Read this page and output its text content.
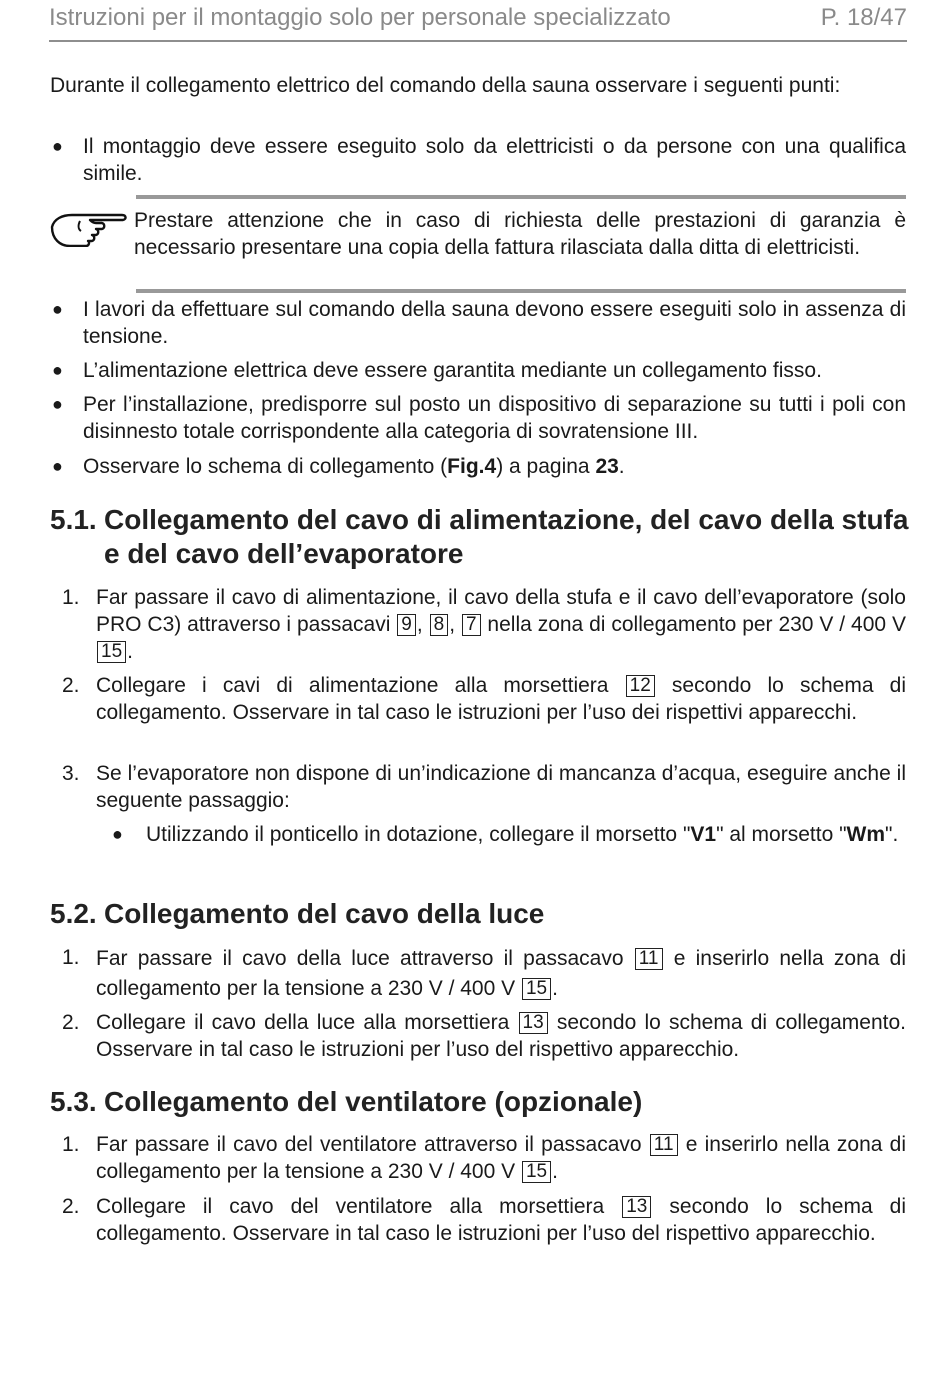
Istruzioni per il montaggio solo per personale specializzato	P. 18/47

Durante il collegamento elettrico del comando della sauna osservare i seguenti punti:

● Il montaggio deve essere eseguito solo da elettricisti o da persone con una qualifica simile.
Prestare attenzione che in caso di richiesta delle prestazioni di garanzia è necessario presentare una copia della fattura rilasciata dalla ditta di elettricisti.
● I lavori da effettuare sul comando della sauna devono essere eseguiti solo in assenza di tensione.
● L’alimentazione elettrica deve essere garantita mediante un collegamento fisso.
● Per l’installazione, predisporre sul posto un dispositivo di separazione su tutti i poli con disinnesto totale corrispondente alla categoria di sovratensione III.
● Osservare lo schema di collegamento (Fig.4) a pagina 23.
5.1. Collegamento del cavo di alimentazione, del cavo della stufa e del cavo dell’evaporatore
1. Far passare il cavo di alimentazione, il cavo della stufa e il cavo dell’evaporatore (solo PRO C3) attraverso i passacavi 9 , 8 , 7 nella zona di collegamento per 230 V / 400 V 15 .
2. Collegare i cavi di alimentazione alla morsettiera 12 secondo lo schema di collegamento. Osservare in tal caso le istruzioni per l’uso dei rispettivi apparecchi.
3. Se l’evaporatore non dispone di un’indicazione di mancanza d’acqua, eseguire anche il seguente passaggio:
● Utilizzando il ponticello in dotazione, collegare il morsetto "V1" al morsetto "Wm".
5.2. Collegamento del cavo della luce
1. Far passare il cavo della luce attraverso il passacavo 11 e inserirlo nella zona di collegamento per la tensione a 230 V / 400 V 15 .
2. Collegare il cavo della luce alla morsettiera 13 secondo lo schema di collegamento. Osservare in tal caso le istruzioni per l’uso del rispettivo apparecchio.
5.3. Collegamento del ventilatore (opzionale)
1. Far passare il cavo del ventilatore attraverso il passacavo 11 e inserirlo nella zona di collegamento per la tensione a 230 V / 400 V 15 .
2. Collegare il cavo del ventilatore alla morsettiera 13 secondo lo schema di collegamento. Osservare in tal caso le istruzioni per l’uso del rispettivo apparecchio.
